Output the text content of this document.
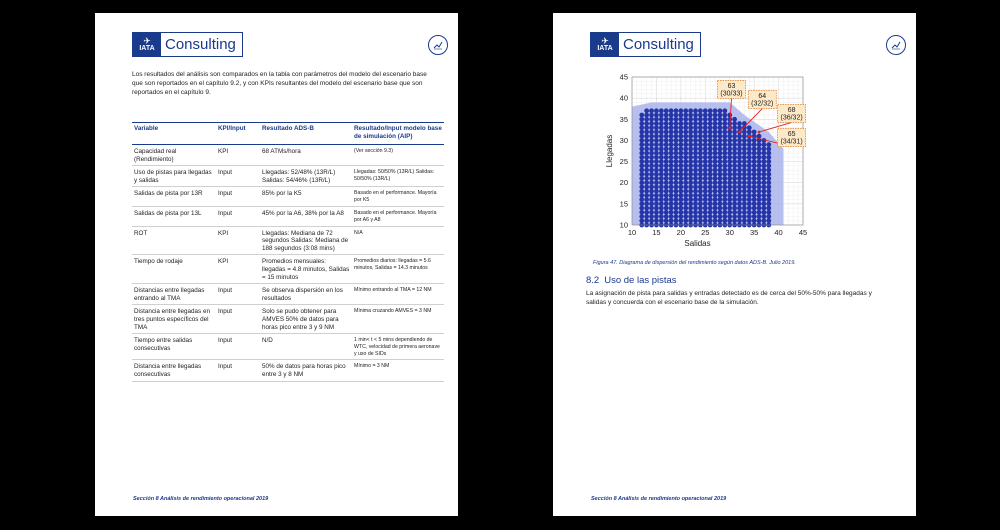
✈
IATA Consulting
Los resultados del análisis son comparados en la tabla con parámetros del modelo del escenario base que son reportados en el capítulo 9.2, y con KPIs resultantes del modelo del escenario base que son reportados en el capítulo 9.
Variable	KPI/Input	Resultado ADS-B	Resultado/Input modelo base de simulación (AIP)
Capacidad real (Rendimiento)	KPI	68 ATMs/hora	(Ver sección 9.3)
Uso de pistas para llegadas y salidas	Input	Llegadas: 52/48% (13R/L) Salidas: 54/46% (13R/L)	Llegadas: 50/50% (13R/L) Salidas: 50/50% (13R/L)
Salidas de pista por 13R	Input	85% por la K5	Basado en el performance. Mayoría por K5
Salidas de pista por 13L	Input	45% por la A6, 38% por la A8	Basado en el performance. Mayoría por A6 y A8
ROT	KPI	Llegadas: Mediana de 72 segundos Salidas: Mediana de 188 segundos (3:08 mins)	N/A
Tiempo de rodaje	KPI	Promedios mensuales: llegadas = 4.8 minutos, Salidas = 15 minutos	Promedios diarios: llegadas = 5.6 minutos, Salidas = 14.3 minutos
Distancias entre llegadas entrando al TMA	Input	Se observa dispersión en los resultados	Mínimo entrando al TMA = 12 NM
Distancia entre llegadas en tres puntos específicos del TMA	Input	Solo se pudo obtener para AMVES 50% de datos para horas pico entre 3 y 9 NM	Mínima cruzando AMVES = 3 NM
Tiempo entre salidas consecutivas	Input	N/D	1 min< t < 5 mins dependiendo de WTC, velocidad de primera aeronave y uso de SIDs
Distancia entre llegadas consecutivas	Input	50% de datos para horas pico entre 3 y 8 NM	Mínimo = 3 NM
Sección 8 Análisis de rendimiento operacional 2019
✈
IATA Consulting
10 15 20 25 30 35 40 45
10
15
20
25
30
35
40
45
Salidas
Llegadas
63
(30/33) 64
(32/32)
68
(36/32)
65
(34/31)
Figura 47. Diagrama de dispersión del rendimiento según datos ADS-B. Julio 2019.
8.2 Uso de las pistas
La asignación de pista para salidas y entradas detectado es de cerca del 50%-50% para llegadas y salidas y concuerda con el escenario base de la simulación.
Sección 8 Análisis de rendimiento operacional 2019
